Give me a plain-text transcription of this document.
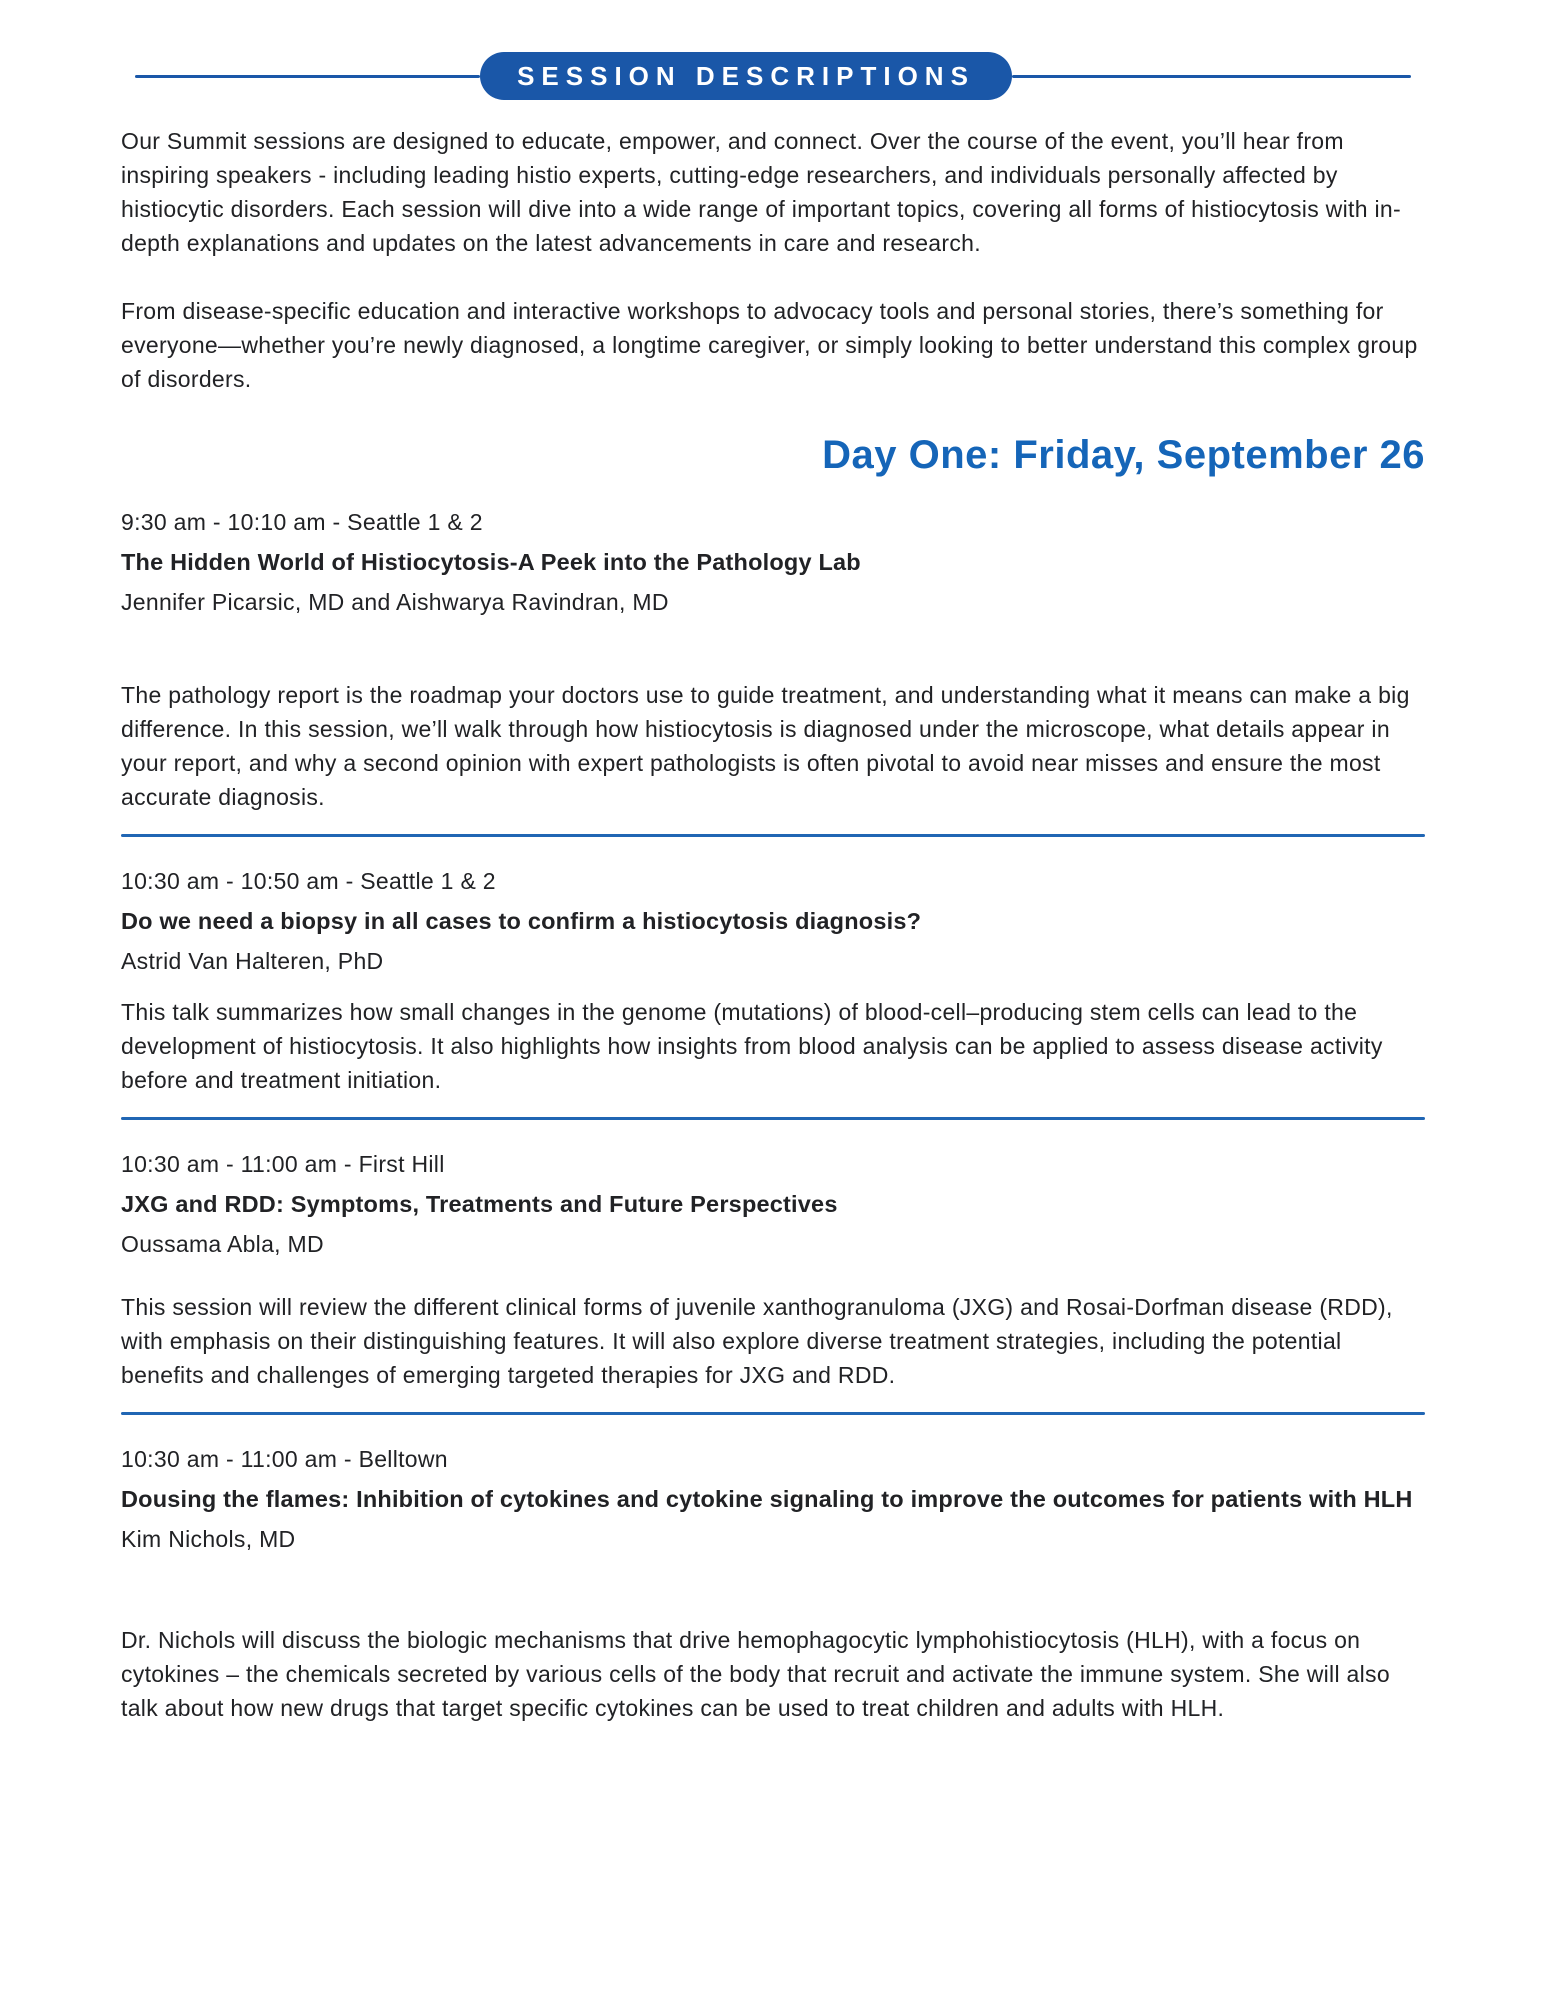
SESSION DESCRIPTIONS

Our Summit sessions are designed to educate, empower, and connect. Over the course of the event, you’ll hear from inspiring speakers - including leading histio experts, cutting-edge researchers, and individuals personally affected by histiocytic disorders. Each session will dive into a wide range of important topics, covering all forms of histiocytosis with in-depth explanations and updates on the latest advancements in care and research.

From disease-specific education and interactive workshops to advocacy tools and personal stories, there’s something for everyone—whether you’re newly diagnosed, a longtime caregiver, or simply looking to better understand this complex group of disorders.

Day One: Friday, September 26

9:30 am - 10:10 am - Seattle 1 & 2

The Hidden World of Histiocytosis-A Peek into the Pathology Lab

Jennifer Picarsic, MD and Aishwarya Ravindran, MD

The pathology report is the roadmap your doctors use to guide treatment, and understanding what it means can make a big difference. In this session, we’ll walk through how histiocytosis is diagnosed under the microscope, what details appear in your report, and why a second opinion with expert pathologists is often pivotal to avoid near misses and ensure the most accurate diagnosis.

10:30 am - 10:50 am - Seattle 1 & 2

Do we need a biopsy in all cases to confirm a histiocytosis diagnosis?

Astrid Van Halteren, PhD

This talk summarizes how small changes in the genome (mutations) of blood-cell–producing stem cells can lead to the development of histiocytosis. It also highlights how insights from blood analysis can be applied to assess disease activity before and treatment initiation.

10:30 am - 11:00 am - First Hill

JXG and RDD: Symptoms, Treatments and Future Perspectives

Oussama Abla, MD

This session will review the different clinical forms of juvenile xanthogranuloma (JXG) and Rosai-Dorfman disease (RDD), with emphasis on their distinguishing features. It will also explore diverse treatment strategies, including the potential benefits and challenges of emerging targeted therapies for JXG and RDD.

10:30 am - 11:00 am - Belltown

Dousing the flames: Inhibition of cytokines and cytokine signaling to improve the outcomes for patients with HLH

Kim Nichols, MD

Dr. Nichols will discuss the biologic mechanisms that drive hemophagocytic lymphohistiocytosis (HLH), with a focus on cytokines – the chemicals secreted by various cells of the body that recruit and activate the immune system. She will also talk about how new drugs that target specific cytokines can be used to treat children and adults with HLH.
